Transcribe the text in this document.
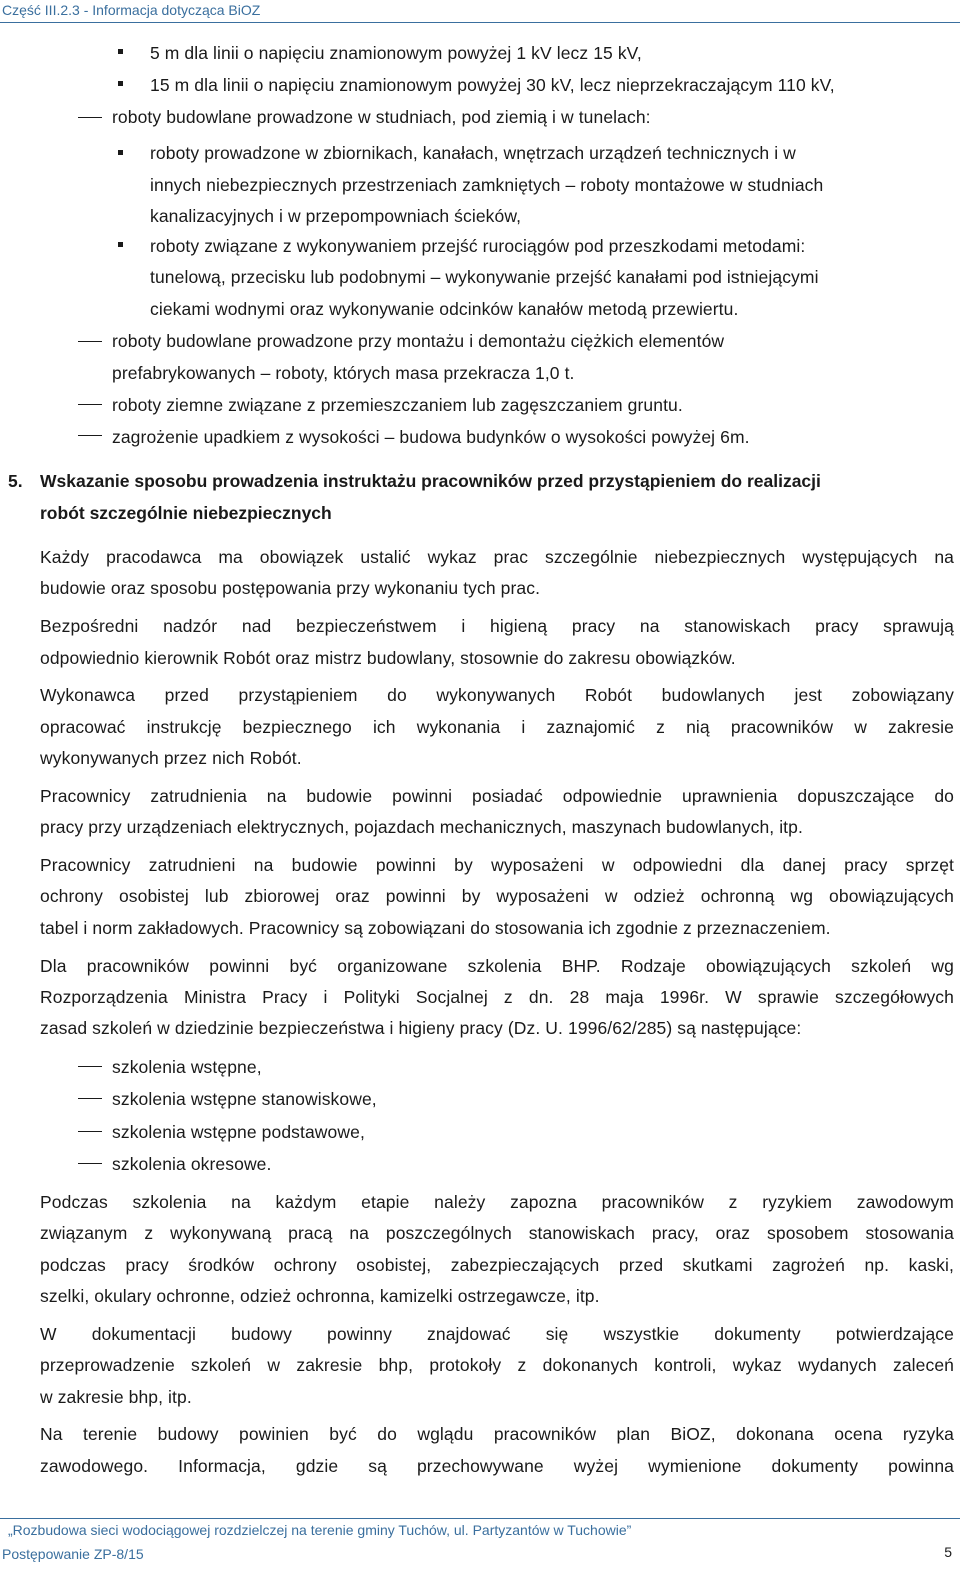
Część III.2.3 - Informacja dotycząca BiOZ
5 m dla linii o napięciu znamionowym powyżej 1 kV lecz 15 kV,
15 m dla linii o napięciu znamionowym powyżej 30 kV, lecz nieprzekraczającym 110 kV,
roboty budowlane prowadzone w studniach, pod ziemią i w tunelach:
roboty prowadzone w zbiornikach, kanałach, wnętrzach urządzeń technicznych i w
innych niebezpiecznych przestrzeniach zamkniętych – roboty montażowe w studniach
kanalizacyjnych i w przepompowniach ścieków,
roboty związane z wykonywaniem przejść rurociągów pod przeszkodami metodami:
tunelową, przecisku lub podobnymi – wykonywanie przejść kanałami pod istniejącymi
ciekami wodnymi oraz wykonywanie odcinków kanałów metodą przewiertu.
roboty budowlane prowadzone przy montażu i demontażu ciężkich elementów
prefabrykowanych – roboty, których masa przekracza 1,0 t.
roboty ziemne związane z przemieszczaniem lub zagęszczaniem gruntu.
zagrożenie upadkiem z wysokości – budowa budynków o wysokości powyżej 6m.
5. Wskazanie sposobu prowadzenia instruktażu pracowników przed przystąpieniem do realizacji
robót szczególnie niebezpiecznych
Każdy pracodawca ma obowiązek ustalić wykaz prac szczególnie niebezpiecznych występujących na
budowie oraz sposobu postępowania przy wykonaniu tych prac.
Bezpośredni nadzór nad bezpieczeństwem i higieną pracy na stanowiskach pracy sprawują
odpowiednio kierownik Robót oraz mistrz budowlany, stosownie do zakresu obowiązków.
Wykonawca przed przystąpieniem do wykonywanych Robót budowlanych jest zobowiązany
opracować instrukcję bezpiecznego ich wykonania i zaznajomić z nią pracowników w zakresie
wykonywanych przez nich Robót.
Pracownicy zatrudnienia na budowie powinni posiadać odpowiednie uprawnienia dopuszczające do
pracy przy urządzeniach elektrycznych, pojazdach mechanicznych, maszynach budowlanych, itp.
Pracownicy zatrudnieni na budowie powinni by wyposażeni w odpowiedni dla danej pracy sprzęt
ochrony osobistej lub zbiorowej oraz powinni by wyposażeni w odzież ochronną wg obowiązujących
tabel i norm zakładowych. Pracownicy są zobowiązani do stosowania ich zgodnie z przeznaczeniem.
Dla pracowników powinni być organizowane szkolenia BHP. Rodzaje obowiązujących szkoleń wg
Rozporządzenia Ministra Pracy i Polityki Socjalnej z dn. 28 maja 1996r. W sprawie szczegółowych
zasad szkoleń w dziedzinie bezpieczeństwa i higieny pracy (Dz. U. 1996/62/285) są następujące:
szkolenia wstępne,
szkolenia wstępne stanowiskowe,
szkolenia wstępne podstawowe,
szkolenia okresowe.
Podczas szkolenia na każdym etapie należy zapozna pracowników z ryzykiem zawodowym
związanym z wykonywaną pracą na poszczególnych stanowiskach pracy, oraz sposobem stosowania
podczas pracy środków ochrony osobistej, zabezpieczających przed skutkami zagrożeń np. kaski,
szelki, okulary ochronne, odzież ochronna, kamizelki ostrzegawcze, itp.
W dokumentacji budowy powinny znajdować się wszystkie dokumenty potwierdzające
przeprowadzenie szkoleń w zakresie bhp, protokoły z dokonanych kontroli, wykaz wydanych zaleceń
w zakresie bhp, itp.
Na terenie budowy powinien być do wglądu pracowników plan BiOZ, dokonana ocena ryzyka
zawodowego. Informacja, gdzie są przechowywane wyżej wymienione dokumenty powinna
„Rozbudowa sieci wodociągowej rozdzielczej na terenie gminy Tuchów, ul. Partyzantów w Tuchowie”
Postępowanie ZP-8/15	5
